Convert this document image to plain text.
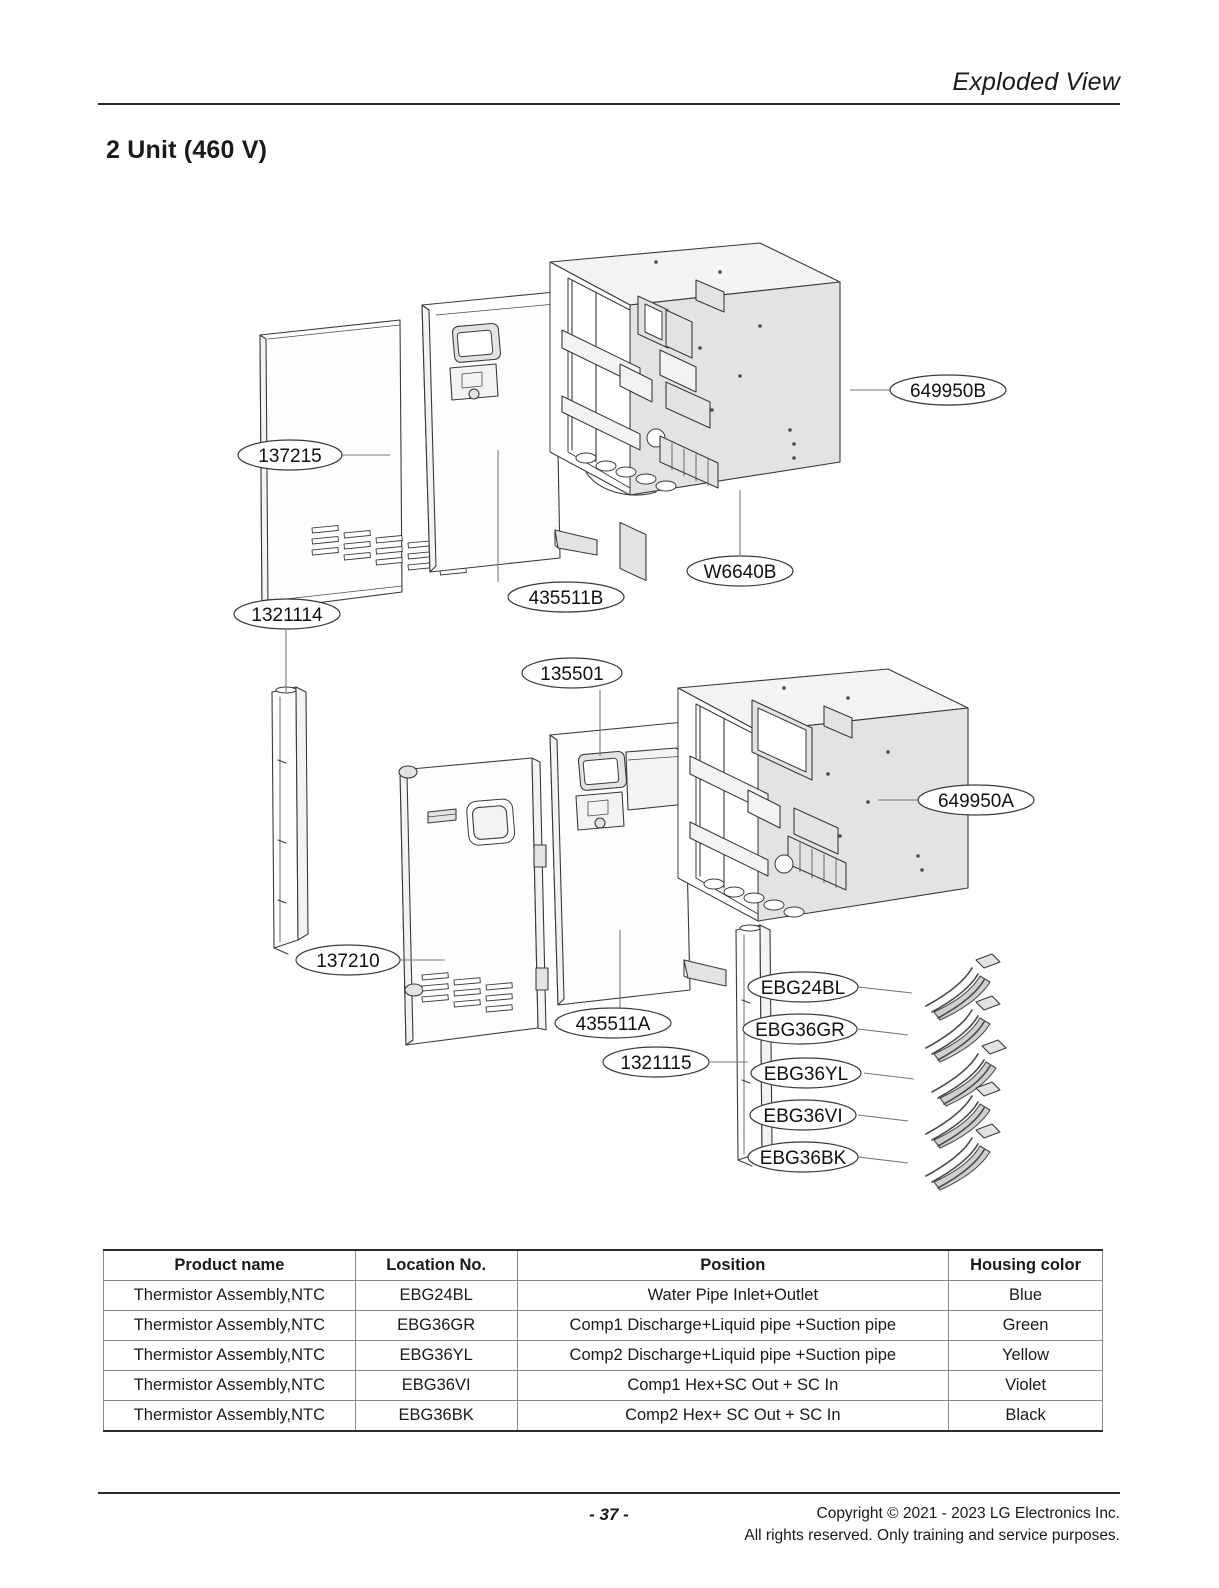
Exploded View
2 Unit (460 V)
137215
649950B
W6640B
435511B
1321114
135501
649950A
137210
435511A
1321115
EBG24BL
EBG36GR
EBG36YL
EBG36VI
EBG36BK
Product name	Location No.	Position	Housing color
Thermistor Assembly,NTC	EBG24BL	Water Pipe Inlet+Outlet	Blue
Thermistor Assembly,NTC	EBG36GR	Comp1 Discharge+Liquid pipe +Suction pipe	Green
Thermistor Assembly,NTC	EBG36YL	Comp2 Discharge+Liquid pipe +Suction pipe	Yellow
Thermistor Assembly,NTC	EBG36VI	Comp1 Hex+SC Out + SC In	Violet
Thermistor Assembly,NTC	EBG36BK	Comp2 Hex+ SC Out + SC In	Black
- 37 -	Copyright © 2021 - 2023 LG Electronics Inc.
All rights reserved. Only training and service purposes.
